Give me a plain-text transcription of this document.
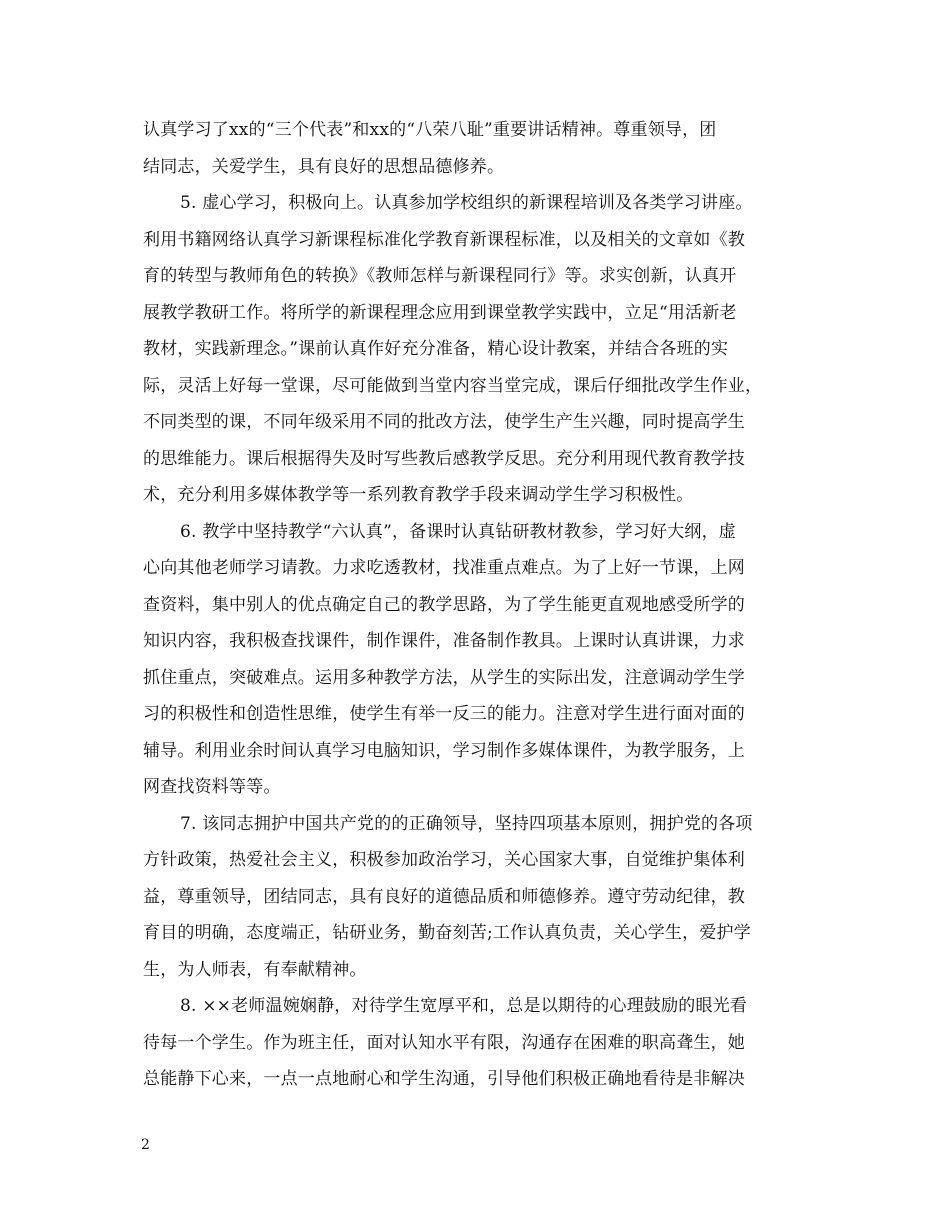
认真学习了xx的“三个代表”和xx的“八荣八耻”重要讲话精神。尊重领导，团
结同志，关爱学生，具有良好的思想品德修养。
5. 虚心学习，积极向上。认真参加学校组织的新课程培训及各类学习讲座。
利用书籍网络认真学习新课程标准化学教育新课程标准，以及相关的文章如《教
育的转型与教师角色的转换》《教师怎样与新课程同行》等。求实创新，认真开
展教学教研工作。将所学的新课程理念应用到课堂教学实践中，立足“用活新老
教材，实践新理念。”课前认真作好充分准备，精心设计教案，并结合各班的实
际，灵活上好每一堂课，尽可能做到当堂内容当堂完成，课后仔细批改学生作业，
不同类型的课，不同年级采用不同的批改方法，使学生产生兴趣，同时提高学生
的思维能力。课后根据得失及时写些教后感教学反思。充分利用现代教育教学技
术，充分利用多媒体教学等一系列教育教学手段来调动学生学习积极性。
6. 教学中坚持教学“六认真”，备课时认真钻研教材教参，学习好大纲，虚
心向其他老师学习请教。力求吃透教材，找准重点难点。为了上好一节课，上网
查资料，集中别人的优点确定自己的教学思路，为了学生能更直观地感受所学的
知识内容，我积极查找课件，制作课件，准备制作教具。上课时认真讲课，力求
抓住重点，突破难点。运用多种教学方法，从学生的实际出发，注意调动学生学
习的积极性和创造性思维，使学生有举一反三的能力。注意对学生进行面对面的
辅导。利用业余时间认真学习电脑知识，学习制作多媒体课件，为教学服务，上
网查找资料等等。
7. 该同志拥护中国共产党的的正确领导，坚持四项基本原则，拥护党的各项
方针政策，热爱社会主义，积极参加政治学习，关心国家大事，自觉维护集体利
益，尊重领导，团结同志，具有良好的道德品质和师德修养。遵守劳动纪律，教
育目的明确，态度端正，钻研业务，勤奋刻苦;工作认真负责，关心学生，爱护学
生，为人师表，有奉献精神。
8. ××老师温婉娴静，对待学生宽厚平和，总是以期待的心理鼓励的眼光看
待每一个学生。作为班主任，面对认知水平有限，沟通存在困难的职高聋生，她
总能静下心来，一点一点地耐心和学生沟通，引导他们积极正确地看待是非解决
2
